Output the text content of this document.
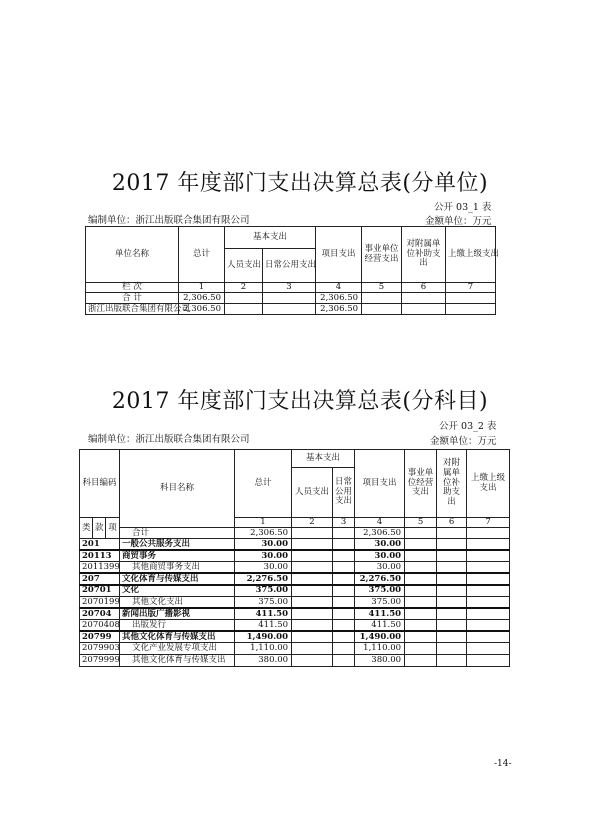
2017 年度部门支出决算总表(分单位)
公开 03_1 表
编制单位：浙江出版联合集团有限公司	金额单位：万元
单位名称	总计	基本支出		项目支出	事业单位经营支出	对附属单位补助支出	上缴上级支出
		人员支出	日常公用支出				
栏 次	1	2	3	4	5	6	7
合 计	2,306.50			2,306.50			
浙江出版联合集团有限公司	2,306.50			2,306.50			
2017 年度部门支出决算总表(分科目)
公开 03_2 表
编制单位：浙江出版联合集团有限公司	金额单位：万元
科目编码			科目名称	总计	基本支出		项目支出	事业单位经营支出	对附属单位补助支出	上缴上级支出
					人员支出	日常公用支出				

类	款	项		1	2	3	4	5	6	7
			合计	2,306.50			2,306.50			
201			一般公共服务支出	30.00			30.00			
20113			商贸事务	30.00			30.00			
2011399			其他商贸事务支出	30.00			30.00			
207			文化体育与传媒支出	2,276.50			2,276.50			
20701			文化	375.00			375.00			
2070199			其他文化支出	375.00			375.00			
20704			新闻出版广播影视	411.50			411.50			
2070408			出版发行	411.50			411.50			
20799			其他文化体育与传媒支出	1,490.00			1,490.00			
2079903			文化产业发展专项支出	1,110.00			1,110.00			
2079999			其他文化体育与传媒支出	380.00			380.00			
-14-
